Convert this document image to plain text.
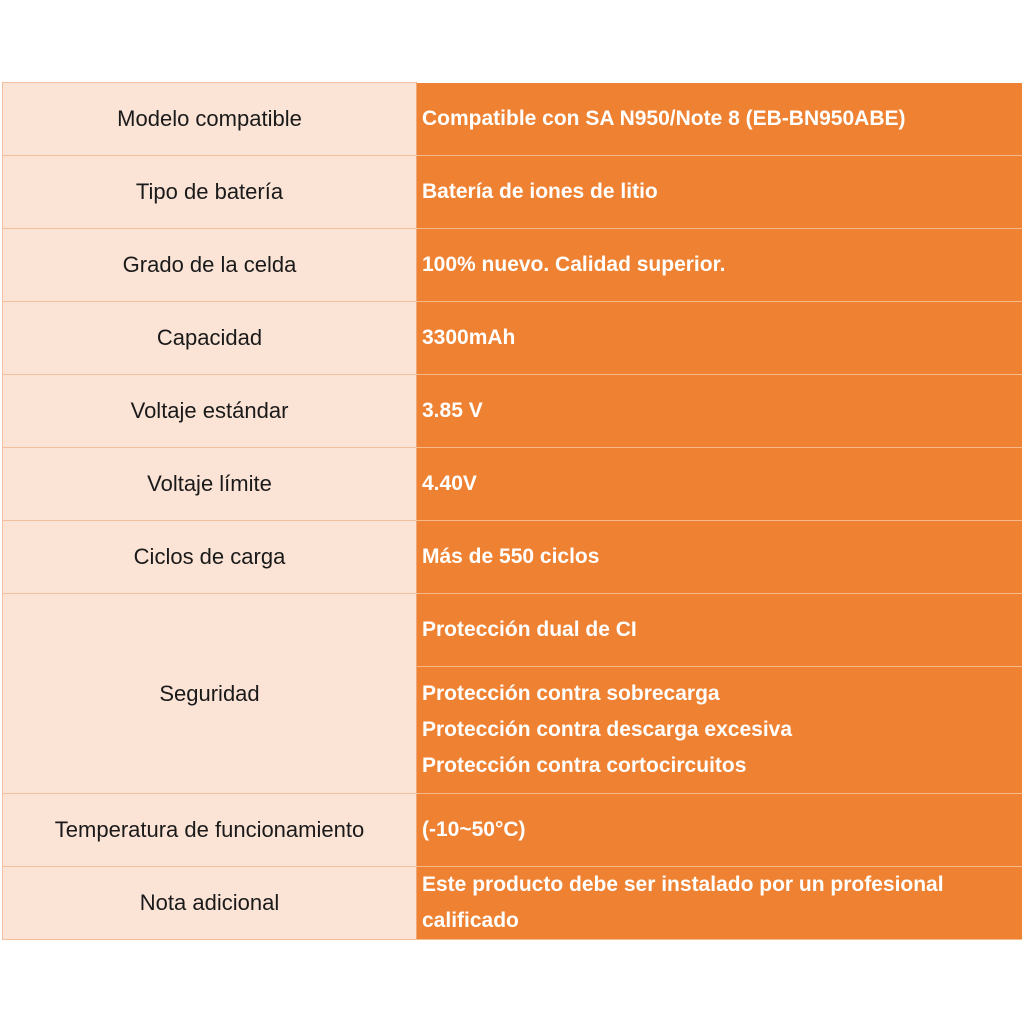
Modelo compatible	Compatible con SA N950/Note 8 (EB-BN950ABE)
Tipo de batería	Batería de iones de litio
Grado de la celda	100% nuevo. Calidad superior.
Capacidad	3300mAh
Voltaje estándar	3.85 V
Voltaje límite	4.40V
Ciclos de carga	Más de 550 ciclos
Seguridad	Protección dual de CI

	Protección contra sobrecarga
Protección contra descarga excesiva
Protección contra cortocircuitos

Temperatura de funcionamiento	(-10~50°C)
Nota adicional	Este producto debe ser instalado por un profesional
calificado
